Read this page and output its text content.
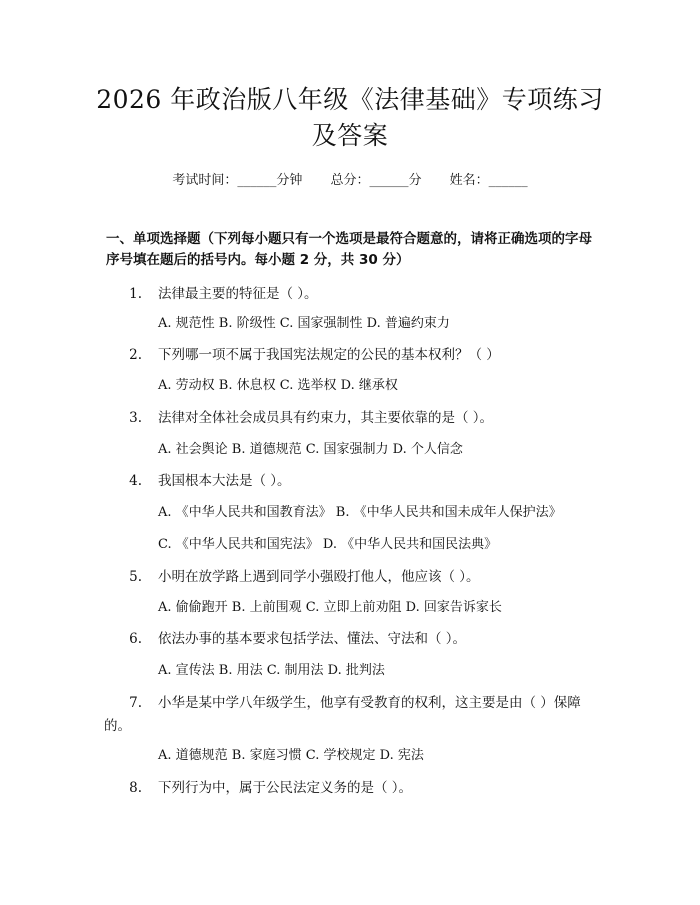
2026 年政治版八年级《法律基础》专项练习
及答案
考试时间：______分钟 总分：______分 姓名：______
一、单项选择题（下列每小题只有一个选项是最符合题意的，请将正确选项的字母序号填在题后的括号内。每小题 2 分，共 30 分）
1. 法律最主要的特征是（ ）。
A. 规范性 B. 阶级性 C. 国家强制性 D. 普遍约束力
2. 下列哪一项不属于我国宪法规定的公民的基本权利？（ ）
A. 劳动权 B. 休息权 C. 选举权 D. 继承权
3. 法律对全体社会成员具有约束力，其主要依靠的是（ ）。
A. 社会舆论 B. 道德规范 C. 国家强制力 D. 个人信念
4. 我国根本大法是（ ）。
A. 《中华人民共和国教育法》 B. 《中华人民共和国未成年人保护法》
C. 《中华人民共和国宪法》 D. 《中华人民共和国民法典》
5. 小明在放学路上遇到同学小强殴打他人，他应该（ ）。
A. 偷偷跑开 B. 上前围观 C. 立即上前劝阻 D. 回家告诉家长
6. 依法办事的基本要求包括学法、懂法、守法和（ ）。
A. 宣传法 B. 用法 C. 制用法 D. 批判法
7. 小华是某中学八年级学生，他享有受教育的权利，这主要是由（ ）保障的。
A. 道德规范 B. 家庭习惯 C. 学校规定 D. 宪法
8. 下列行为中，属于公民法定义务的是（ ）。
